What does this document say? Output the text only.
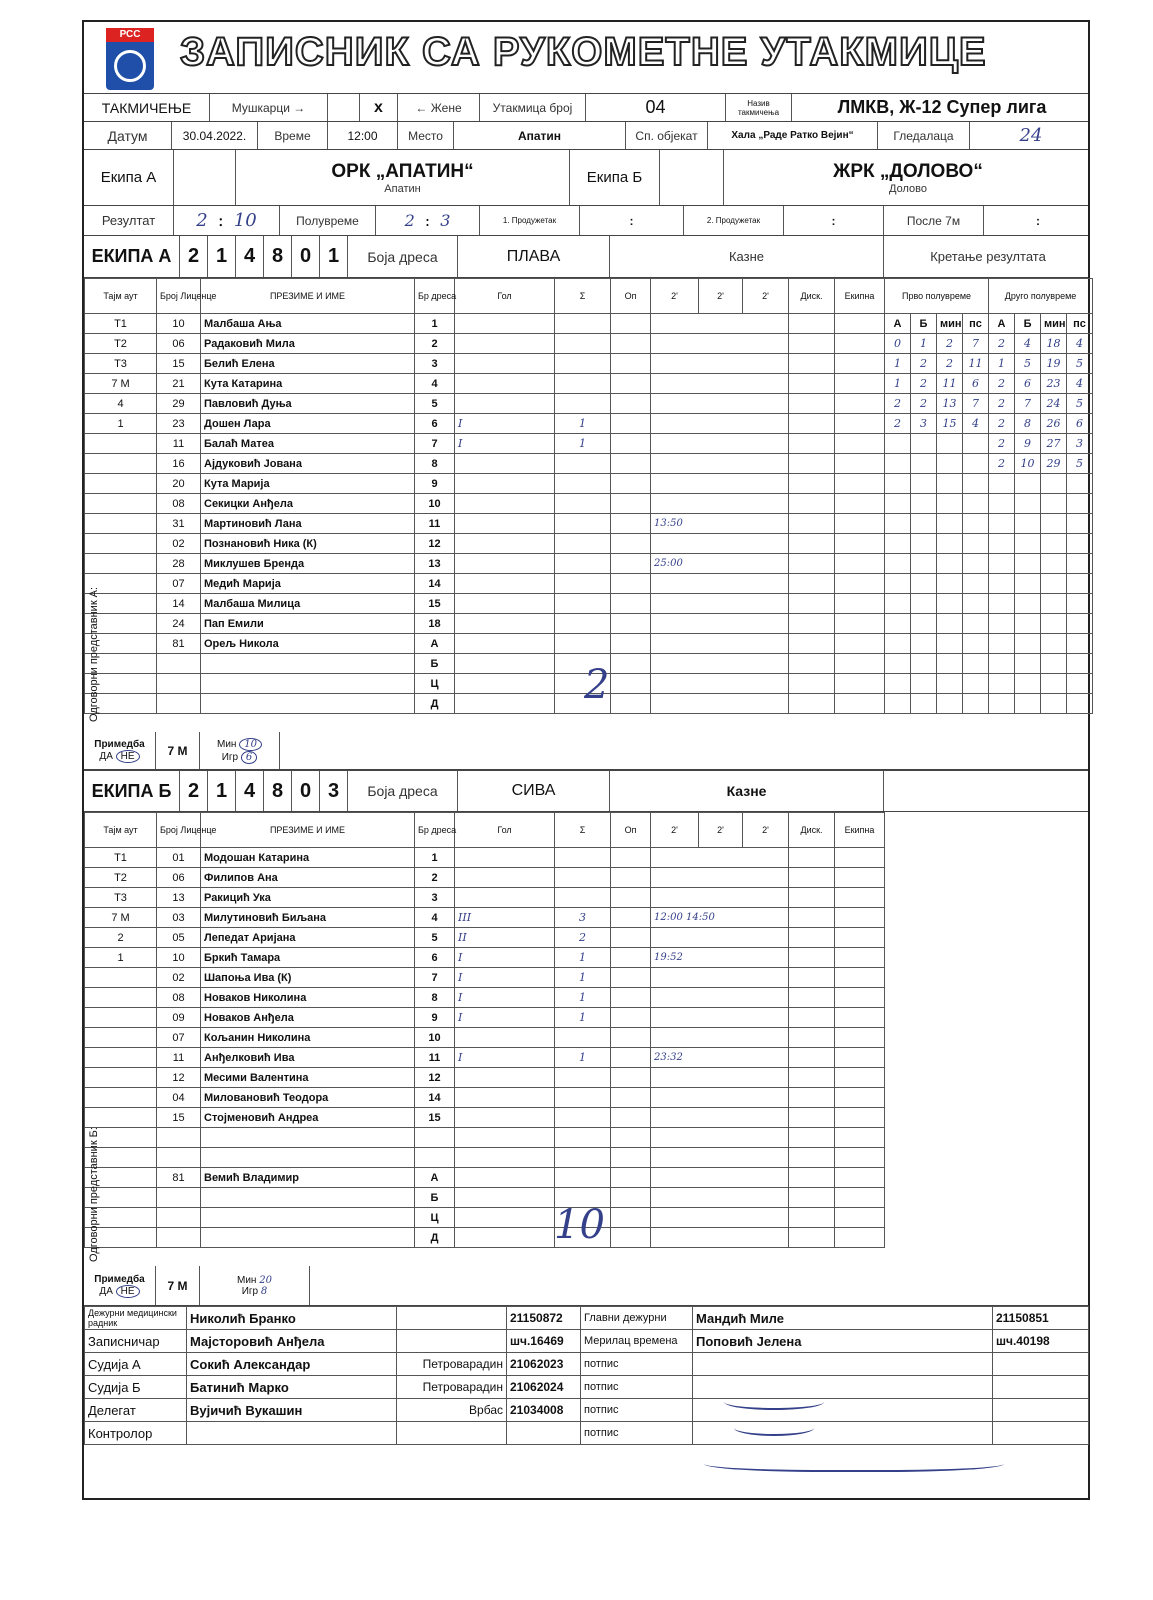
РСС ЗАПИСНИК СА РУКОМЕТНЕ УТАКМИЦЕ
ТАКМИЧЕЊЕ	Мушкарци →	x	← Жене	Утакмица број	04	Назив такмичења	ЛМКВ, Ж-12 Супер лига
Датум	30.04.2022.	Време	12:00	Место	Апатин	Сп. објекат	Хала „Раде Ратко Вејин“	Гледалаца	24
Екипа А	ОРК „АПАТИН“
Апатин
Екипа Б	ЖРК „ДОЛОВО“
Долово
Резултат	2 : 10	Полувреме	2 : 3	1. Продужетак	:	2. Продужетак	:	После 7м	:
ЕКИПА А 2 1 4 8 0 1	Боја дреса	ПЛАВА	Казне	Кретање резултата
Тајм аут	Број Лиценце	ПРЕЗИМЕ И ИМЕ	Бр дреса	Гол	Σ	Оп	2'	2'	2'	Диск.	Екипна
Т1	10	Малбаша Ања	1								
Т2	06	Радаковић Мила	2								
Т3	15	Белић Елена	3								
7 М	21	Кута Катарина	4								
4	29	Павловић Дуња	5								
1	23	Дошен Лара	6	I	1						
	11	Балаћ Матеа	7	I	1						
	16	Ајдуковић Јована	8								
	20	Кута Марија	9								
	08	Секицки Анђела	10								
	31	Мартиновић Лана	11				13:50				
	02	Познановић Ника (К)	12								
	28	Миклушев Бренда	13				25:00				
	07	Медић Марија	14								
	14	Малбаша Милица	15								
	24	Пап Емили	18								
	81	Орељ Никола	А								
			Б								
			Ц								
			Д								
Прво полувреме				Друго полувреме			
А	Б	мин	пс	А	Б	мин	пс
0	1	2	7	2	4	18	4
1	2	2	11	1	5	19	5
1	2	11	6	2	6	23	4
2	2	13	7	2	7	24	5
2	3	15	4	2	8	26	6
				2	9	27	3
				2	10	29	5

Одговорни представник А:	2
Примедба
ДА НЕ	7 М	Мин 10
Игр 6
ЕКИПА Б 2 1 4 8 0 3	Боја дреса	СИВА	Казне
Тајм аут	Број Лиценце	ПРЕЗИМЕ И ИМЕ	Бр дреса	Гол	Σ	Оп	2'	2'	2'	Диск.	Екипна
Т1	01	Модошан Катарина	1								
Т2	06	Филипов Ана	2								
Т3	13	Ракицић Ука	3								
7 М	03	Милутиновић Биљана	4	III	3		12:00 14:50				
2	05	Лепедат Аријана	5	II	2						
1	10	Бркић Тамара	6	I	1		19:52				
	02	Шапоња Ива (К)	7	I	1						
	08	Новаков Николина	8	I	1						
	09	Новаков Анђела	9	I	1						
	07	Кољанин Николина	10								
	11	Анђелковић Ива	11	I	1		23:32				
	12	Месими Валентина	12								
	04	Миловановић Теодора	14								
	15	Стојменовић Андреа	15								

	81	Вемић Владимир	А								
			Б								
			Ц								
			Д								
Одговорни представник Б:	10
Примедба
ДА НЕ	7 М	Мин 20
Игр 8
Дежурни медицински радник	Николић Бранко		21150872	Главни дежурни	Мандић Миле	21150851
Записничар	Мајсторовић Анђела		шч.16469	Мерилац времена	Поповић Јелена	шч.40198
Судија А	Сокић Александар	Петроварадин	21062023	потпис		
Судија Б	Батинић Марко	Петроварадин	21062024	потпис		
Делегат	Вујичић Вукашин	Врбас	21034008	потпис		
Контролор				потпис		
